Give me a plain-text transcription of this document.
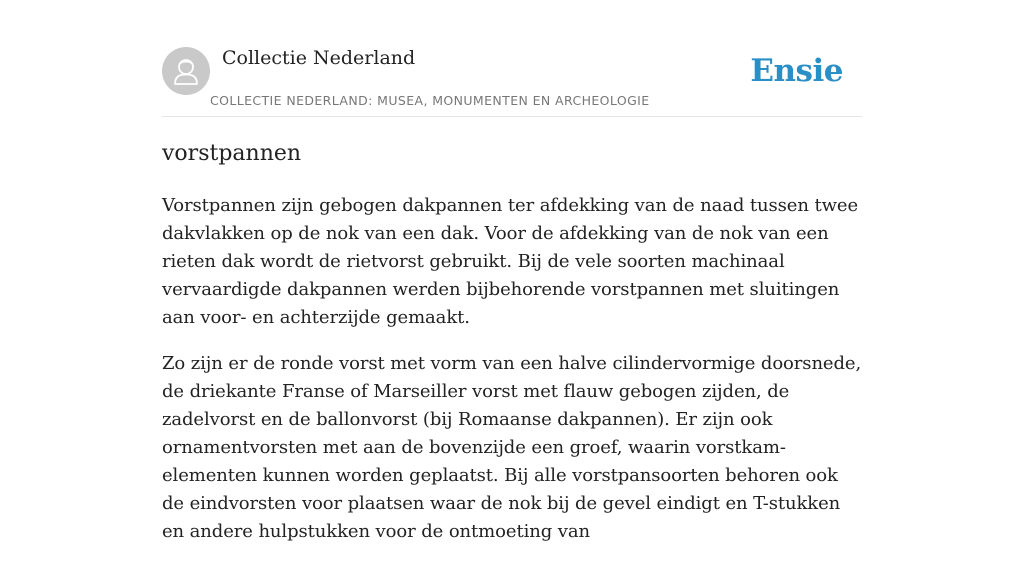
Collectie Nederland
COLLECTIE NEDERLAND: MUSEA, MONUMENTEN EN ARCHEOLOGIE
Ensie
vorstpannen

Vorstpannen zijn gebogen dakpannen ter afdekking van de naad tussen twee dakvlakken op de nok van een dak. Voor de afdekking van de nok van een rieten dak wordt de rietvorst gebruikt. Bij de vele soorten machinaal vervaardigde dakpannen werden bijbehorende vorstpannen met sluitingen aan voor- en achterzijde gemaakt.

Zo zijn er de ronde vorst met vorm van een halve cilindervormige doorsnede, de driekante Franse of Marseiller vorst met flauw gebogen zijden, de zadelvorst en de ballonvorst (bij Romaanse dakpannen). Er zijn ook ornamentvorsten met aan de bovenzijde een groef, waarin vorstkam-elementen kunnen worden geplaatst. Bij alle vorstpansoorten behoren ook de eindvorsten voor plaatsen waar de nok bij de gevel eindigt en T-stukken en andere hulpstukken voor de ontmoeting van
